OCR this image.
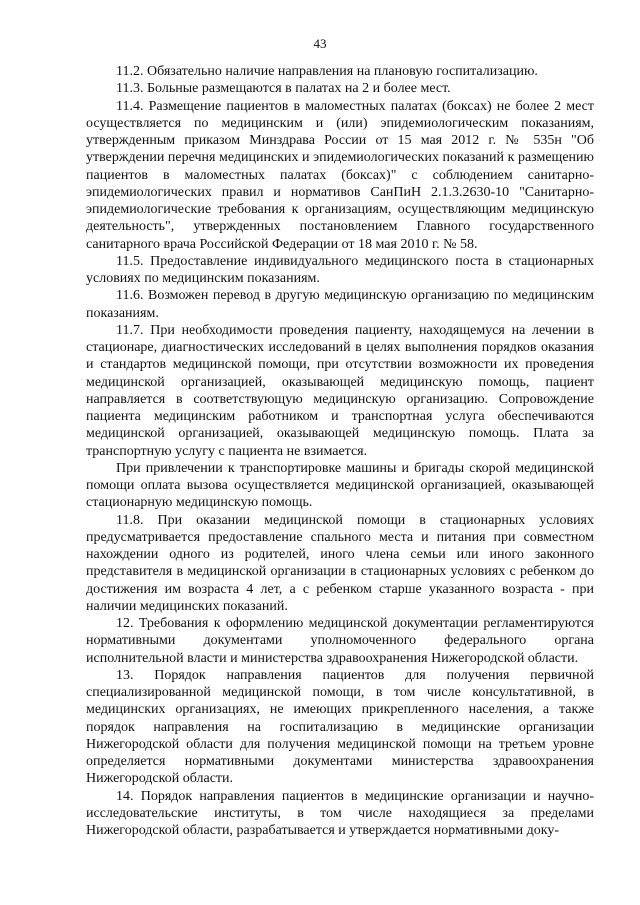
43

11.2. Обязательно наличие направления на плановую госпитализацию.

11.3. Больные размещаются в палатах на 2 и более мест.

11.4. Размещение пациентов в маломестных палатах (боксах) не более 2 мест осуществляется по медицинским и (или) эпидемиологическим показаниям, утвержденным приказом Минздрава России от 15 мая 2012 г. № 535н "Об утверждении перечня медицинских и эпидемиологических показаний к размещению пациентов в маломестных палатах (боксах)" с соблюдением санитарно-эпидемиологических правил и нормативов СанПиН 2.1.3.2630-10 "Санитарно-эпидемиологические требования к организациям, осуществляющим медицинскую деятельность", утвержденных постановлением Главного государственного санитарного врача Российской Федерации от 18 мая 2010 г. № 58.

11.5. Предоставление индивидуального медицинского поста в стационарных условиях по медицинским показаниям.

11.6. Возможен перевод в другую медицинскую организацию по медицинским показаниям.

11.7. При необходимости проведения пациенту, находящемуся на лечении в стационаре, диагностических исследований в целях выполнения порядков оказания и стандартов медицинской помощи, при отсутствии возможности их проведения медицинской организацией, оказывающей медицинскую помощь, пациент направляется в соответствующую медицинскую организацию. Сопровождение пациента медицинским работником и транспортная услуга обеспечиваются медицинской организацией, оказывающей медицинскую помощь. Плата за транспортную услугу с пациента не взимается.

При привлечении к транспортировке машины и бригады скорой медицинской помощи оплата вызова осуществляется медицинской организацией, оказывающей стационарную медицинскую помощь.

11.8. При оказании медицинской помощи в стационарных условиях предусматривается предоставление спального места и питания при совместном нахождении одного из родителей, иного члена семьи или иного законного представителя в медицинской организации в стационарных условиях с ребенком до достижения им возраста 4 лет, а с ребенком старше указанного возраста - при наличии медицинских показаний.

12. Требования к оформлению медицинской документации регламентируются нормативными документами уполномоченного федерального органа исполнительной власти и министерства здравоохранения Нижегородской области.

13. Порядок направления пациентов для получения первичной специализированной медицинской помощи, в том числе консультативной, в медицинских организациях, не имеющих прикрепленного населения, а также порядок направления на госпитализацию в медицинские организации Нижегородской области для получения медицинской помощи на третьем уровне определяется нормативными документами министерства здравоохранения Нижегородской области.

14. Порядок направления пациентов в медицинские организации и научно-исследовательские институты, в том числе находящиеся за пределами Нижегородской области, разрабатывается и утверждается нормативными доку-
